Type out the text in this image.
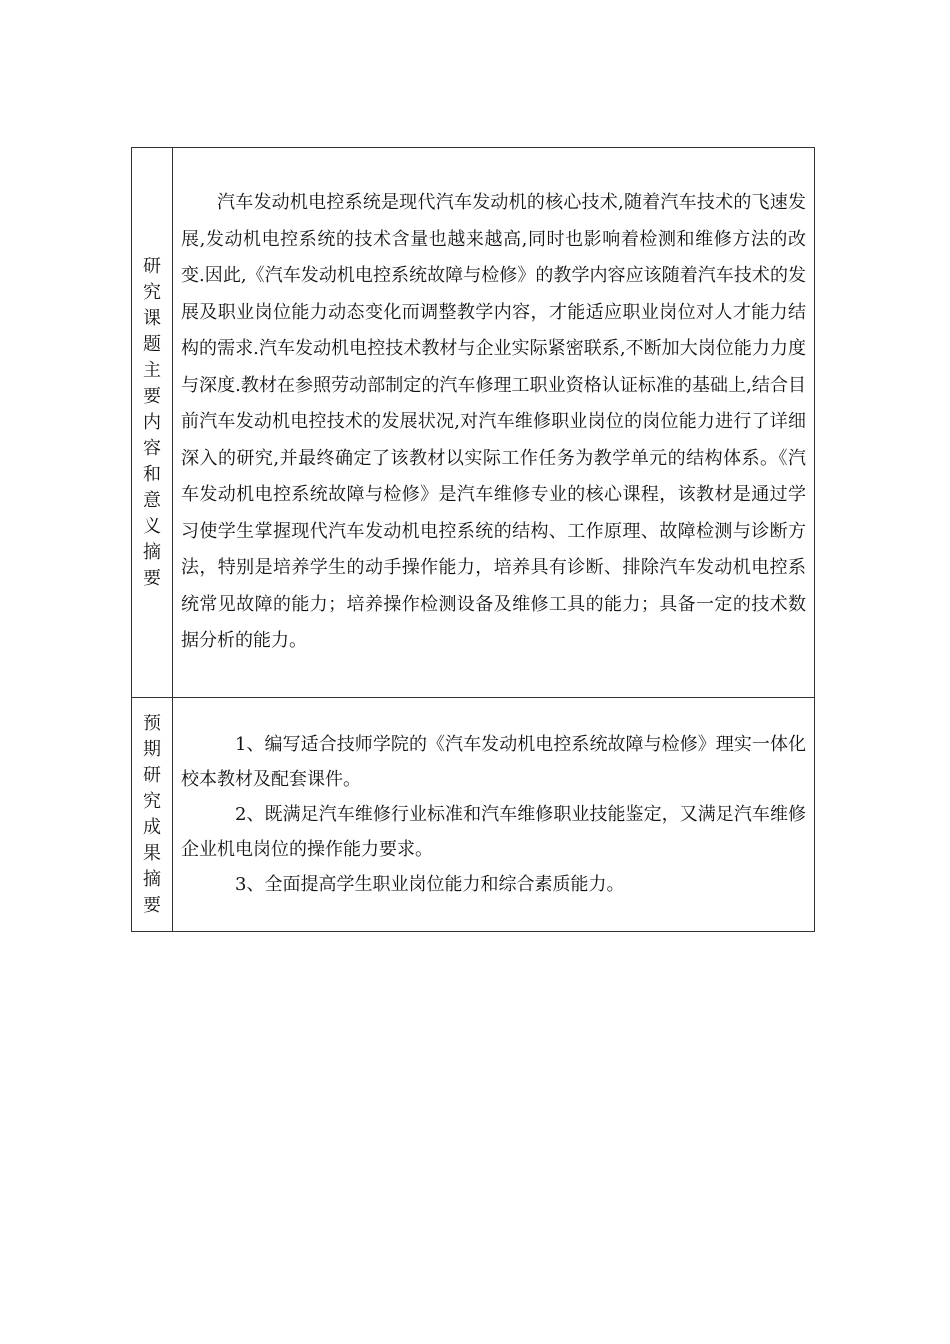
研究课题主要内容和意义摘要	汽车发动机电控系统是现代汽车发动机的核心技术,随着汽车技术的飞速发展,发动机电控系统的技术含量也越来越高,同时也影响着检测和维修方法的改变.因此,《汽车发动机电控系统故障与检修》的教学内容应该随着汽车技术的发展及职业岗位能力动态变化而调整教学内容，才能适应职业岗位对人才能力结构的需求.汽车发动机电控技术教材与企业实际紧密联系,不断加大岗位能力力度与深度.教材在参照劳动部制定的汽车修理工职业资格认证标准的基础上,结合目前汽车发动机电控技术的发展状况,对汽车维修职业岗位的岗位能力进行了详细深入的研究,并最终确定了该教材以实际工作任务为教学单元的结构体系。《汽车发动机电控系统故障与检修》是汽车维修专业的核心课程，该教材是通过学习使学生掌握现代汽车发动机电控系统的结构、工作原理、故障检测与诊断方法，特别是培养学生的动手操作能力，培养具有诊断、排除汽车发动机电控系统常见故障的能力；培养操作检测设备及维修工具的能力；具备一定的技术数据分析的能力。

预期研究成果摘要	1、编写适合技师学院的《汽车发动机电控系统故障与检修》理实一体化校本教材及配套课件。

2、既满足汽车维修行业标准和汽车维修职业技能鉴定，又满足汽车维修企业机电岗位的操作能力要求。

3、全面提高学生职业岗位能力和综合素质能力。
